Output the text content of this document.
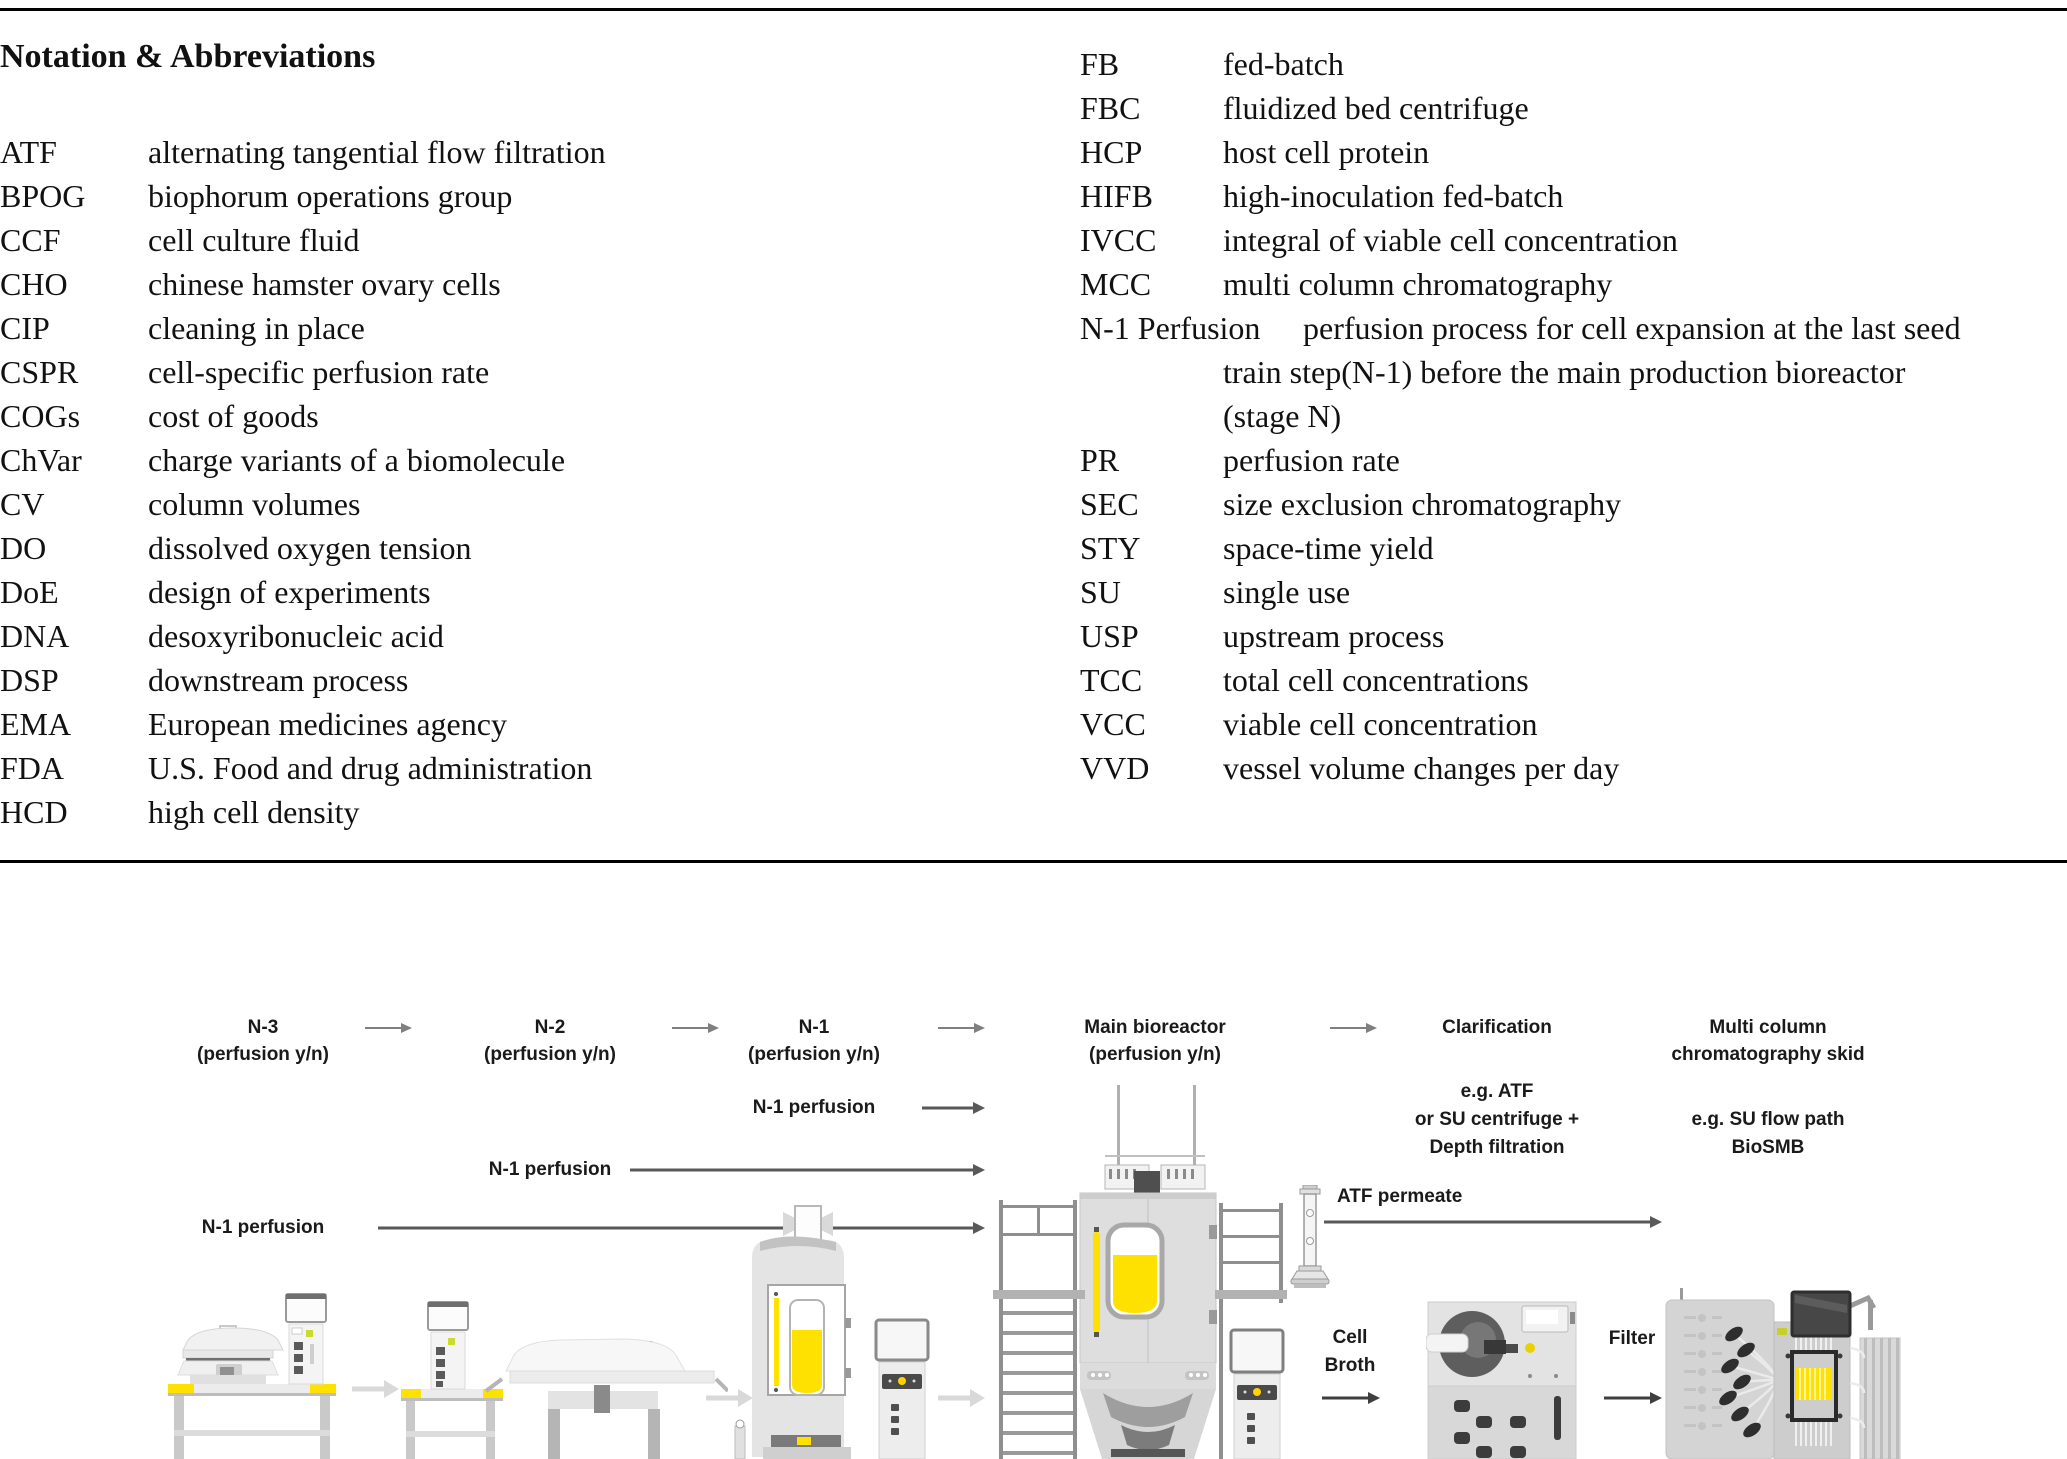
Notation & Abbreviations
ATF	alternating tangential flow filtration
BPOG	biophorum operations group
CCF	cell culture fluid
CHO	chinese hamster ovary cells
CIP	cleaning in place
CSPR	cell-specific perfusion rate
COGs	cost of goods
ChVar	charge variants of a biomolecule
CV	column volumes
DO	dissolved oxygen tension
DoE	design of experiments
DNA	desoxyribonucleic acid
DSP	downstream process
EMA	European medicines agency
FDA	U.S. Food and drug administration
HCD	high cell density
FB	fed-batch
FBC	fluidized bed centrifuge
HCP	host cell protein
HIFB	high-inoculation fed-batch
IVCC	integral of viable cell concentration
MCC	multi column chromatography
N-1 Perfusion	perfusion process for cell expansion at the last seed
train step(N-1) before the main production bioreactor
(stage N)
PR	perfusion rate
SEC	size exclusion chromatography
STY	space-time yield
SU	single use
USP	upstream process
TCC	total cell concentrations
VCC	viable cell concentration
VVD	vessel volume changes per day
N-3
(perfusion y/n)
N-2
(perfusion y/n)
N-1
(perfusion y/n)
Main bioreactor
(perfusion y/n)
Clarification
e.g. ATF
or SU centrifuge +
Depth filtration
Multi column
chromatography skid
e.g. SU flow path
BioSMB
N-1 perfusion
N-1 perfusion
N-1 perfusion
ATF permeate
Cell
Broth
Filter
